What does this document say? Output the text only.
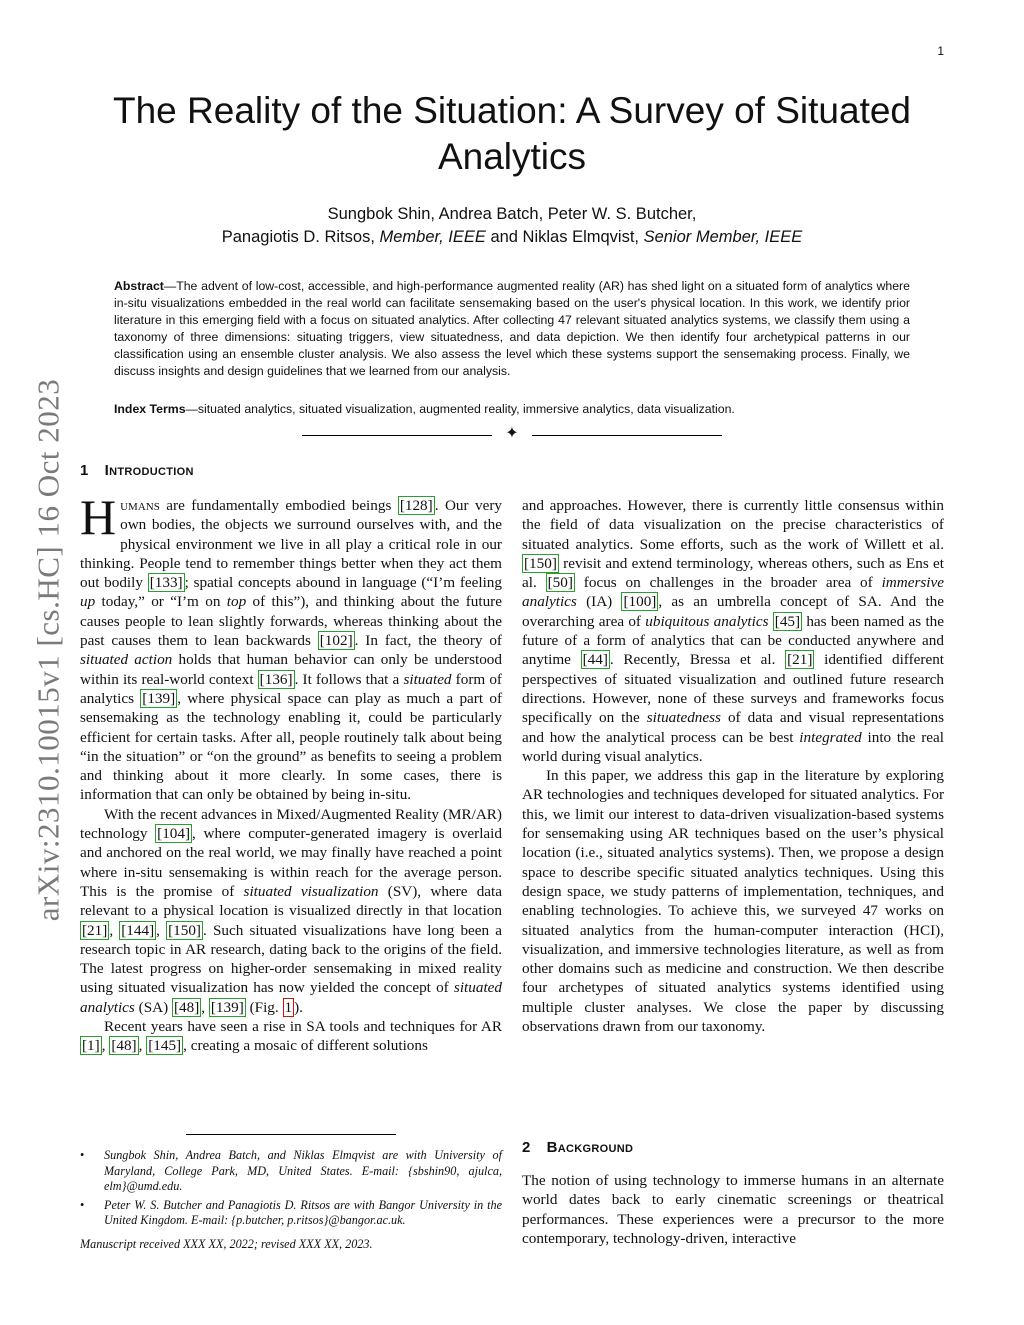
1
arXiv:2310.10015v1 [cs.HC] 16 Oct 2023
The Reality of the Situation: A Survey of Situated Analytics
Sungbok Shin, Andrea Batch, Peter W. S. Butcher,
Panagiotis D. Ritsos, Member, IEEE and Niklas Elmqvist, Senior Member, IEEE
Abstract—The advent of low-cost, accessible, and high-performance augmented reality (AR) has shed light on a situated form of analytics where in-situ visualizations embedded in the real world can facilitate sensemaking based on the user's physical location. In this work, we identify prior literature in this emerging field with a focus on situated analytics. After collecting 47 relevant situated analytics systems, we classify them using a taxonomy of three dimensions: situating triggers, view situatedness, and data depiction. We then identify four archetypical patterns in our classification using an ensemble cluster analysis. We also assess the level which these systems support the sensemaking process. Finally, we discuss insights and design guidelines that we learned from our analysis.
Index Terms—situated analytics, situated visualization, augmented reality, immersive analytics, data visualization.
✦
1 Introduction

Humans are fundamentally embodied beings [128] . Our very own bodies, the objects we surround ourselves with, and the physical environment we live in all play a critical role in our thinking. People tend to remember things better when they act them out bodily [133] ; spatial concepts abound in language (“I’m feeling up today,” or “I’m on top of this”), and thinking about the future causes people to lean slightly forwards, whereas thinking about the past causes them to lean backwards [102] . In fact, the theory of situated action holds that human behavior can only be understood within its real-world context [136] . It follows that a situated form of analytics [139] , where physical space can play as much a part of sensemaking as the technology enabling it, could be particularly efficient for certain tasks. After all, people routinely talk about being “in the situation” or “on the ground” as benefits to seeing a problem and thinking about it more clearly. In some cases, there is information that can only be obtained by being in-situ.

With the recent advances in Mixed/Augmented Reality (MR/AR) technology [104] , where computer-generated imagery is overlaid and anchored on the real world, we may finally have reached a point where in-situ sensemaking is within reach for the average person. This is the promise of situated visualization (SV), where data relevant to a physical location is visualized directly in that location [21] , [144] , [150] . Such situated visualizations have long been a research topic in AR research, dating back to the origins of the field. The latest progress on higher-order sensemaking in mixed reality using situated visualization has now yielded the concept of situated analytics (SA) [48] , [139] (Fig. 1 ).

Recent years have seen a rise in SA tools and techniques for AR [1] , [48] , [145] , creating a mosaic of different solutions

and approaches. However, there is currently little consensus within the field of data visualization on the precise characteristics of situated analytics. Some efforts, such as the work of Willett et al. [150] revisit and extend terminology, whereas others, such as Ens et al. [50] focus on challenges in the broader area of immersive analytics (IA) [100] , as an umbrella concept of SA. And the overarching area of ubiquitous analytics [45] has been named as the future of a form of analytics that can be conducted anywhere and anytime [44] . Recently, Bressa et al. [21] identified different perspectives of situated visualization and outlined future research directions. However, none of these surveys and frameworks focus specifically on the situatedness of data and visual representations and how the analytical process can be best integrated into the real world during visual analytics.

In this paper, we address this gap in the literature by exploring AR technologies and techniques developed for situated analytics. For this, we limit our interest to data-driven visualization-based systems for sensemaking using AR techniques based on the user’s physical location (i.e., situated analytics systems). Then, we propose a design space to describe specific situated analytics techniques. Using this design space, we study patterns of implementation, techniques, and enabling technologies. To achieve this, we surveyed 47 works on situated analytics from the human-computer interaction (HCI), visualization, and immersive technologies literature, as well as from other domains such as medicine and construction. We then describe four archetypes of situated analytics systems identified using multiple cluster analyses. We close the paper by discussing observations drawn from our taxonomy.

2 Background

The notion of using technology to immerse humans in an alternate world dates back to early cinematic screenings or theatrical performances. These experiences were a precursor to the more contemporary, technology-driven, interactive

• Sungbok Shin, Andrea Batch, and Niklas Elmqvist are with University of Maryland, College Park, MD, United States. E-mail: {sbshin90, ajulca, elm}@umd.edu.
• Peter W. S. Butcher and Panagiotis D. Ritsos are with Bangor University in the United Kingdom. E-mail: {p.butcher, p.ritsos}@bangor.ac.uk.
Manuscript received XXX XX, 2022; revised XXX XX, 2023.
